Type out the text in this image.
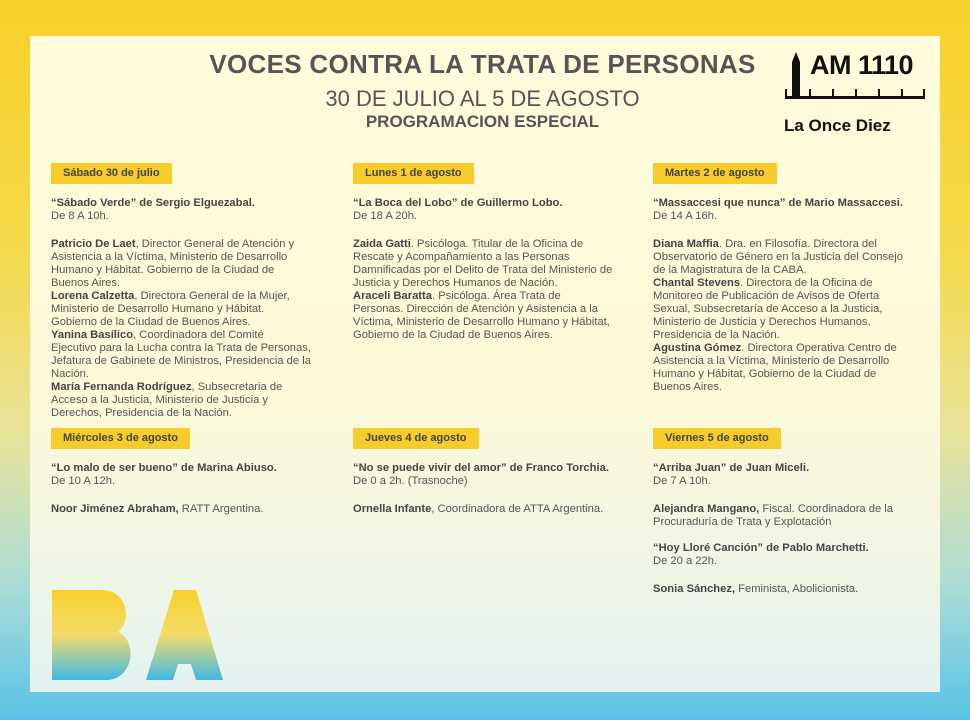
VOCES CONTRA LA TRATA DE PERSONAS
30 DE JULIO AL 5 DE AGOSTO
PROGRAMACION ESPECIAL
AM 1110
La Once Diez
Sábado 30 de julio
“Sábado Verde” de Sergio Elguezabal.
De 8 A 10h.
Patricio De Laet, Director General de Atención y Asistencia a la Víctima, Ministerio de Desarrollo Humano y Hábitat. Gobierno de la Ciudad de Buenos Aires.
Lorena Calzetta, Directora General de la Mujer, Ministerio de Desarrollo Humano y Hábitat. Gobierno de la Ciudad de Buenos Aires.
Yanina Basílico, Coordinadora del Comité Ejecutivo para la Lucha contra la Trata de Personas, Jefatura de Gabinete de Ministros, Presidencia de la Nación.
María Fernanda Rodríguez, Subsecretaria de Acceso a la Justicia, Ministerio de Justicia y Derechos, Presidencia de la Nación.
Lunes 1 de agosto
“La Boca del Lobo” de Guillermo Lobo.
De 18 A 20h.
Zaida Gatti. Psicóloga. Titular de la Oficina de Rescate y Acompañamiento a las Personas Damnificadas por el Delito de Trata del Ministerio de Justicia y Derechos Humanos de Nación.
Araceli Baratta. Psicóloga. Área Trata de Personas. Dirección de Atención y Asistencia a la Víctima, Ministerio de Desarrollo Humano y Hábitat, Gobierno de la Ciudad de Buenos Aires.
Martes 2 de agosto
“Massaccesi que nunca” de Mario Massaccesi.
De 14 A 16h.
Diana Maffia. Dra. en Filosofía. Directora del Observatorio de Género en la Justicia del Consejo de la Magistratura de la CABA.
Chantal Stevens. Directora de la Oficina de Monitoreo de Publicación de Avisos de Oferta Sexual, Subsecretaría de Acceso a la Justicia, Ministerio de Justicia y Derechos Humanos, Presidencia de la Nación.
Agustina Gómez. Directora Operativa Centro de Asistencia a la Víctima, Ministerio de Desarrollo Humano y Hábitat, Gobierno de la Ciudad de Buenos Aires.
Miércoles 3 de agosto
“Lo malo de ser bueno” de Marina Abiuso.
De 10 A 12h.
Noor Jiménez Abraham, RATT Argentina.
Jueves 4 de agosto
“No se puede vivir del amor” de Franco Torchia.
De 0 a 2h. (Trasnoche)
Ornella Infante, Coordinadora de ATTA Argentina.
Viernes 5 de agosto
“Arriba Juan” de Juan Miceli.
De 7 A 10h.
Alejandra Mangano, Fiscal. Coordinadora de la Procuraduría de Trata y Explotación
“Hoy Lloré Canción” de Pablo Marchetti.
De 20 a 22h.
Sonia Sánchez, Feminista, Abolicionista.
BA
